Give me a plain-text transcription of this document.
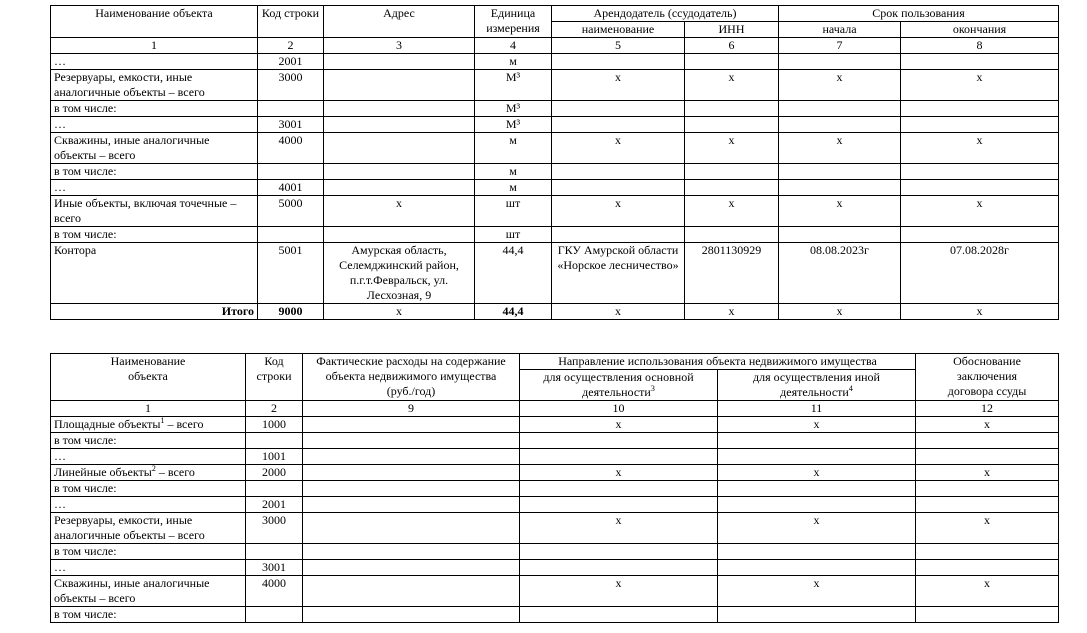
Наименование объекта	Код строки	Адрес	Единица измерения	Арендодатель (ссудодатель)		Срок пользования	
				наименование	ИНН	начала	окончания
1	2	3	4	5	6	7	8
…	2001		м				
Резервуары, емкости, иные аналогичные объекты – всего	3000		М³	х	х	х	х
в том числе:			М³				
…	3001		М³				
Скважины, иные аналогичные объекты – всего	4000		м	х	х	х	х
в том числе:			м				
…	4001		м				
Иные объекты, включая точечные – всего	5000	х	шт	х	х	х	х
в том числе:			шт				
Контора	5001	Амурская область, Селемджинский район, п.г.т.Февральск, ул. Лесхозная, 9	44,4	ГКУ Амурской области «Норское лесничество»	2801130929	08.08.2023г	07.08.2028г
Итого	9000	х	44,4	х	х	х	х
Наименование объекта	Код строки	Фактические расходы на содержание объекта недвижимого имущества (руб./год)	Направление использования объекта недвижимого имущества		Обоснование заключения договора ссуды
			для осуществления основной деятельности$^3$	для осуществления иной деятельности$^4$
1	2	9	10	11	12
Площадные объекты$^1$ – всего	1000		х	х	х
в том числе:					
…	1001				
Линейные объекты$^2$ – всего	2000		х	х	х
в том числе:					
…	2001				
Резервуары, емкости, иные аналогичные объекты – всего	3000		х	х	х
в том числе:					
…	3001				
Скважины, иные аналогичные объекты – всего	4000		х	х	х
в том числе:					
